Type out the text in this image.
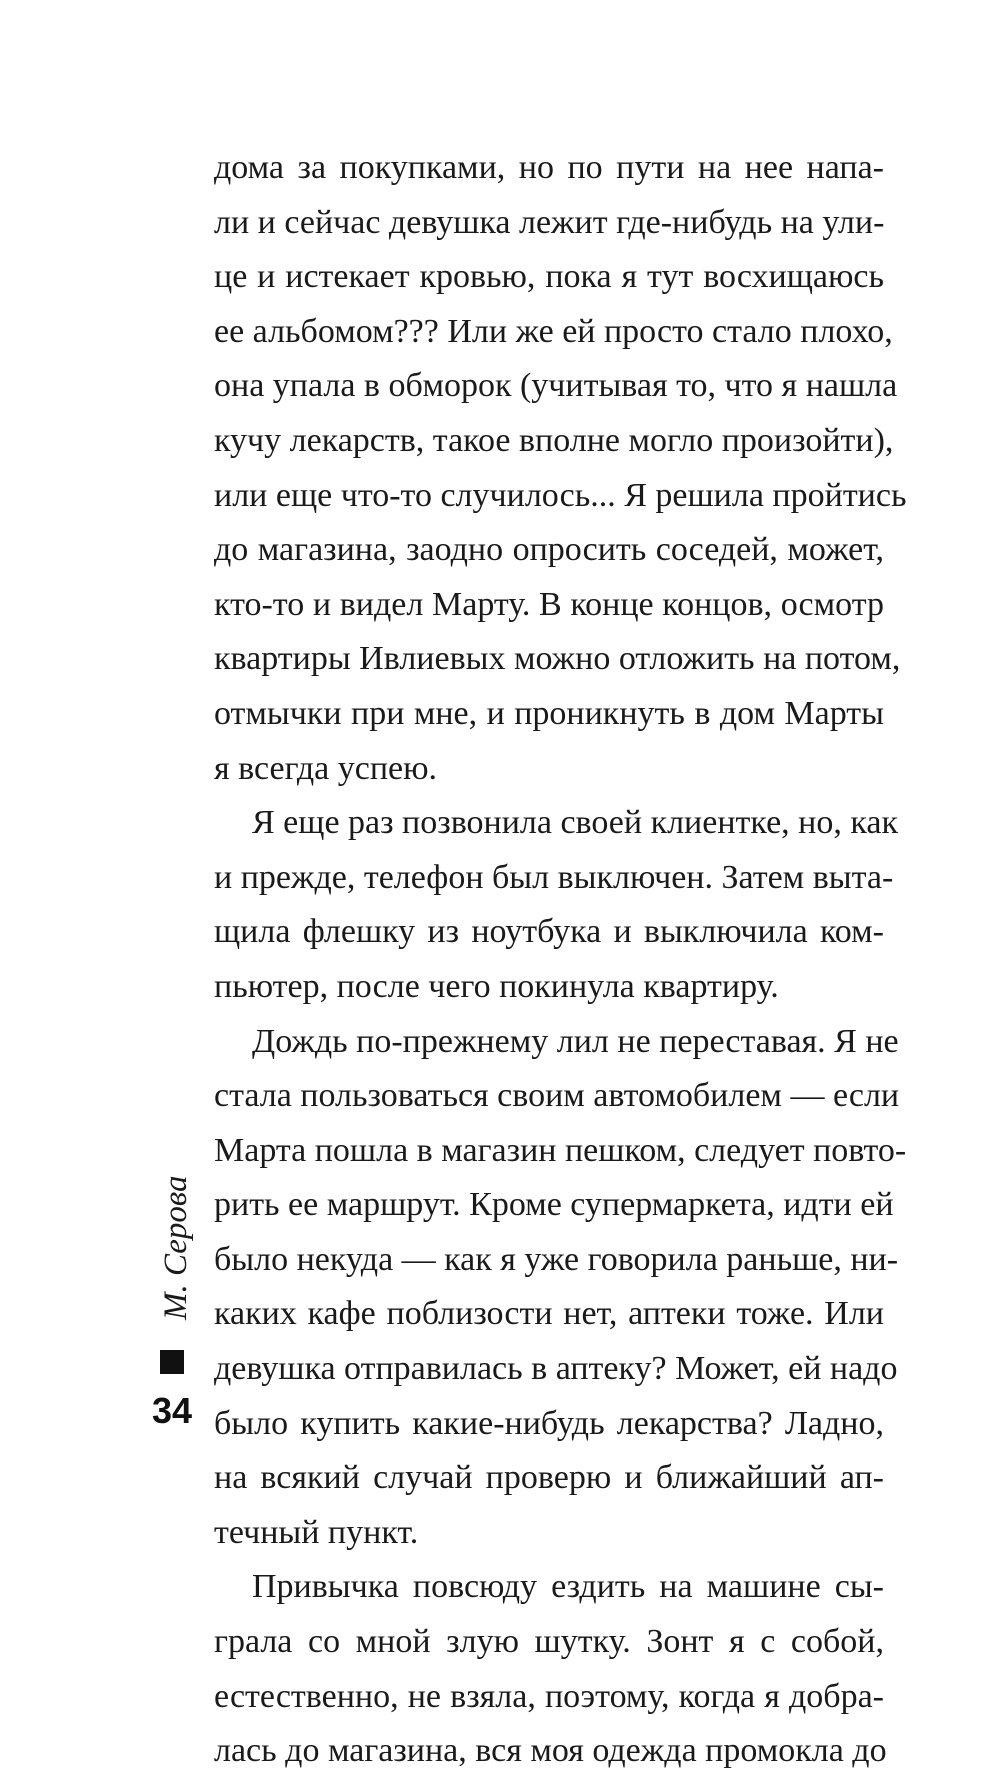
дома за покупками, но по пути на нее напа-
ли и сейчас девушка лежит где-нибудь на ули-
це и истекает кровью, пока я тут восхищаюсь
ее альбомом??? Или же ей просто стало плохо,
она упала в обморок (учитывая то, что я нашла
кучу лекарств, такое вполне могло произойти),
или еще что-то случилось... Я решила пройтись
до магазина, заодно опросить соседей, может,
кто-то и видел Марту. В конце концов, осмотр
квартиры Ивлиевых можно отложить на потом,
отмычки при мне, и проникнуть в дом Марты
я всегда успею.
Я еще раз позвонила своей клиентке, но, как
и прежде, телефон был выключен. Затем выта-
щила флешку из ноутбука и выключила ком-
пьютер, после чего покинула квартиру.
Дождь по-прежнему лил не переставая. Я не
стала пользоваться своим автомобилем — если
Марта пошла в магазин пешком, следует повто-
рить ее маршрут. Кроме супермаркета, идти ей
было некуда — как я уже говорила раньше, ни-
каких кафе поблизости нет, аптеки тоже. Или
девушка отправилась в аптеку? Может, ей надо
было купить какие-нибудь лекарства? Ладно,
на всякий случай проверю и ближайший ап-
течный пункт.
Привычка повсюду ездить на машине сы-
грала со мной злую шутку. Зонт я с собой,
естественно, не взяла, поэтому, когда я добра-
лась до магазина, вся моя одежда промокла до
М. Серова
34
